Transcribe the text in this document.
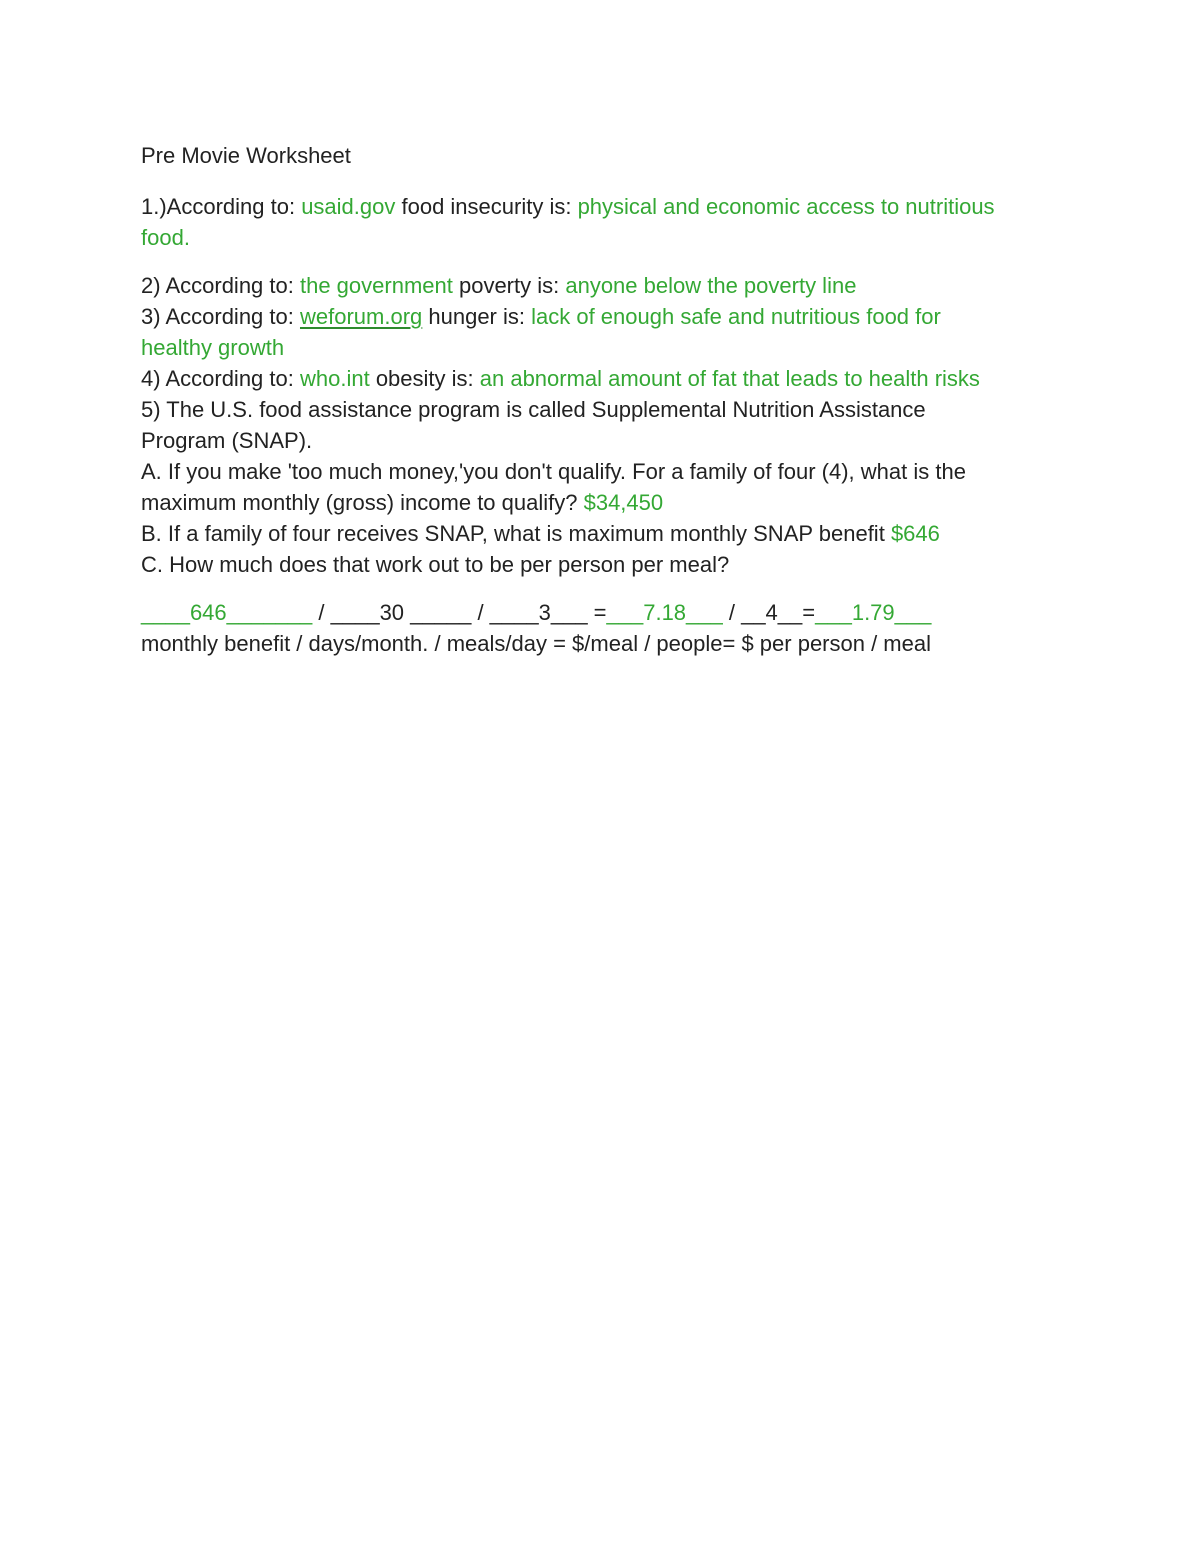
Pre Movie Worksheet
1.)According to: usaid.gov food insecurity is: physical and economic access to nutritious
food.
2) According to: the government poverty is: anyone below the poverty line
3) According to: weforum.org hunger is: lack of enough safe and nutritious food for
healthy growth
4) According to: who.int obesity is: an abnormal amount of fat that leads to health risks
5) The U.S. food assistance program is called Supplemental Nutrition Assistance
Program (SNAP).
A. If you make 'too much money,'you don't qualify. For a family of four (4), what is the
maximum monthly (gross) income to qualify? $34,450
B. If a family of four receives SNAP, what is maximum monthly SNAP benefit $646
C. How much does that work out to be per person per meal?
____646_______ / ____30 _____ / ____3___ =___7.18___ / __4__=___1.79___
monthly benefit / days/month. / meals/day = $/meal / people= $ per person / meal
